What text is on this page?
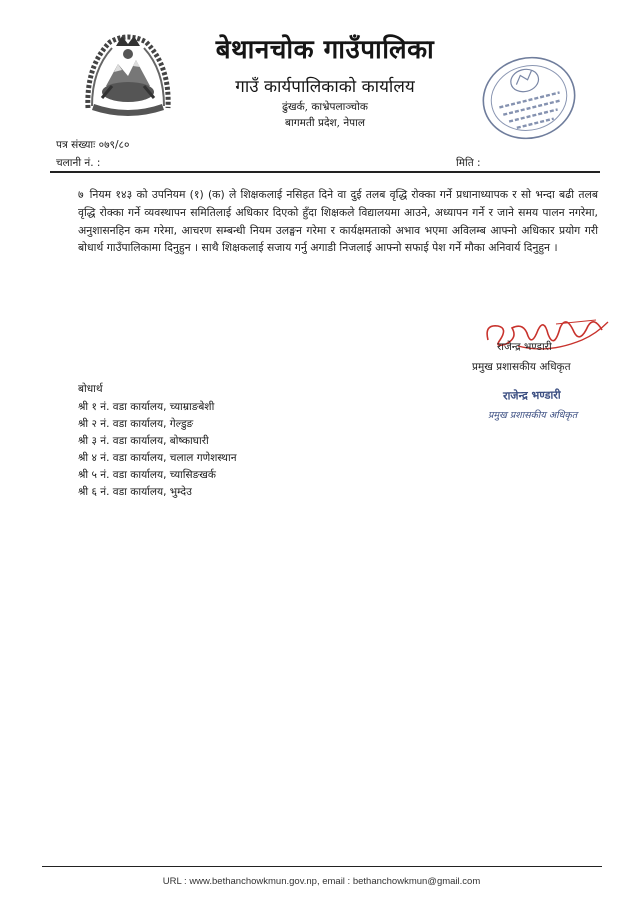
बेथानचोक गाउँपालिका
गाउँ कार्यपालिकाको कार्यालय
ढुंखर्क, काभ्रेपलाञ्चोक
बागमती प्रदेश, नेपाल
पत्र संख्याः ०७९/८०
चलानी नं. :	मिति :
७ नियम १४३ को उपनियम (१) (क) ले शिक्षकलाई नसिहत दिने वा दुई तलब वृद्धि रोक्का गर्ने प्रधानाध्यापक र सो भन्दा बढी तलब वृद्धि रोक्का गर्ने व्यवस्थापन समितिलाई अधिकार दिएको हुँदा शिक्षकले विद्यालयमा आउने, अध्यापन गर्ने र जाने समय पालन नगरेमा, अनुशासनहिन कम गरेमा, आचरण सम्बन्धी नियम उलङ्घन गरेमा र कार्यक्षमताको अभाव भएमा अविलम्ब आफ्नो अधिकार प्रयोग गरी बोधार्थ गाउँपालिकामा दिनुहुन । साथै शिक्षकलाई सजाय गर्नु अगाडी निजलाई आफ्नो सफाई पेश गर्ने मौका अनिवार्य दिनुहुन ।
राजेन्द्र भण्डारी
प्रमुख प्रशासकीय अधिकृत
राजेन्द्र भण्डारी
प्रमुख प्रशासकीय अधिकृत
बोधार्थ
श्री १ नं. वडा कार्यालय, च्याम्राङबेशी
श्री २ नं. वडा कार्यालय, गेल्डुङ
श्री ३ नं. वडा कार्यालय, बोष्काघारी
श्री ४ नं. वडा कार्यालय, चलाल गणेशस्थान
श्री ५ नं. वडा कार्यालय, च्यासिङखर्क
श्री ६ नं. वडा कार्यालय, भुम्देउ
URL : www.bethanchowkmun.gov.np, email : bethanchowkmun@gmail.com
